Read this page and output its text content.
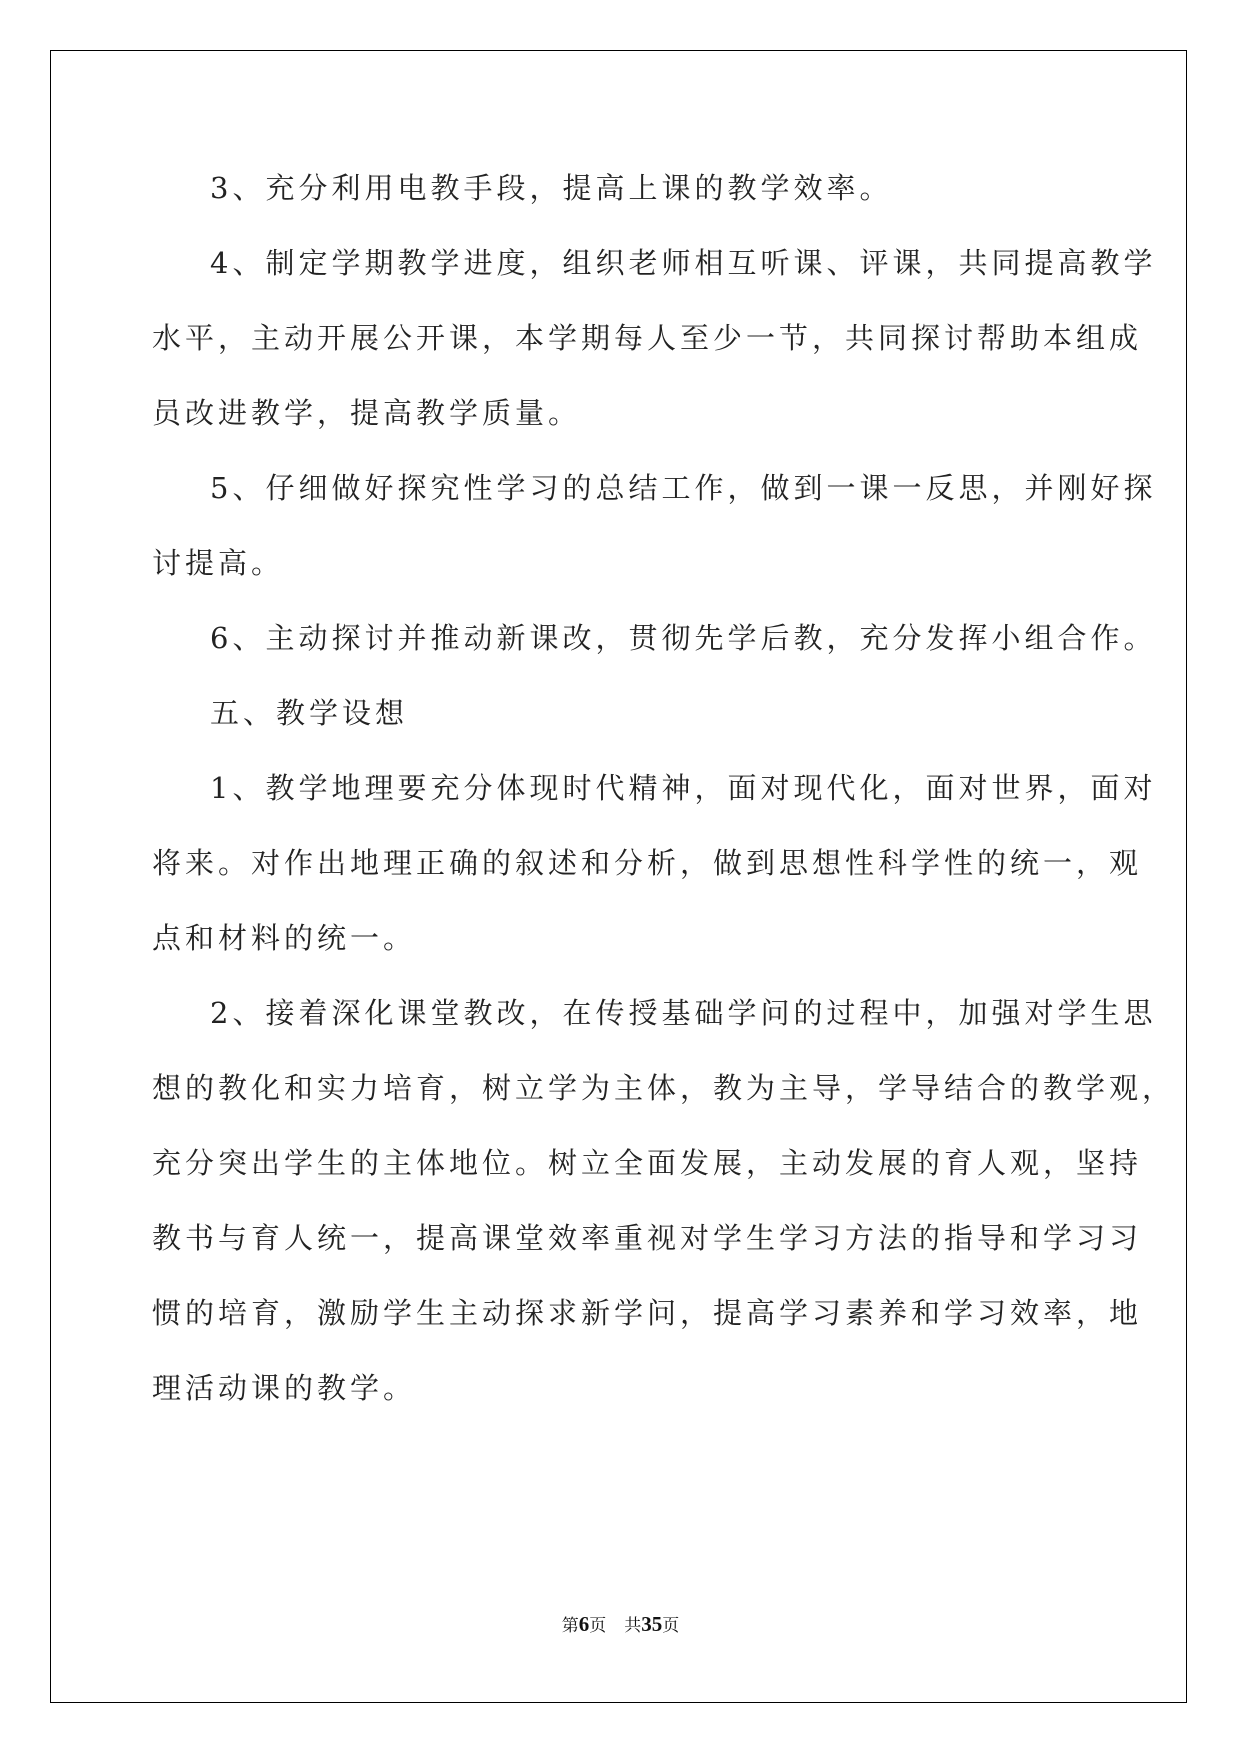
3、充分利用电教手段，提高上课的教学效率。
4、制定学期教学进度，组织老师相互听课、评课，共同提高教学
水平，主动开展公开课，本学期每人至少一节，共同探讨帮助本组成
员改进教学，提高教学质量。
5、仔细做好探究性学习的总结工作，做到一课一反思，并刚好探
讨提高。
6、主动探讨并推动新课改，贯彻先学后教，充分发挥小组合作。
五、教学设想
1、教学地理要充分体现时代精神，面对现代化，面对世界，面对
将来。对作出地理正确的叙述和分析，做到思想性科学性的统一，观
点和材料的统一。
2、接着深化课堂教改，在传授基础学问的过程中，加强对学生思
想的教化和实力培育，树立学为主体，教为主导，学导结合的教学观，
充分突出学生的主体地位。树立全面发展，主动发展的育人观，坚持
教书与育人统一，提高课堂效率重视对学生学习方法的指导和学习习
惯的培育，激励学生主动探求新学问，提高学习素养和学习效率，地
理活动课的教学。
第6页 共35页
